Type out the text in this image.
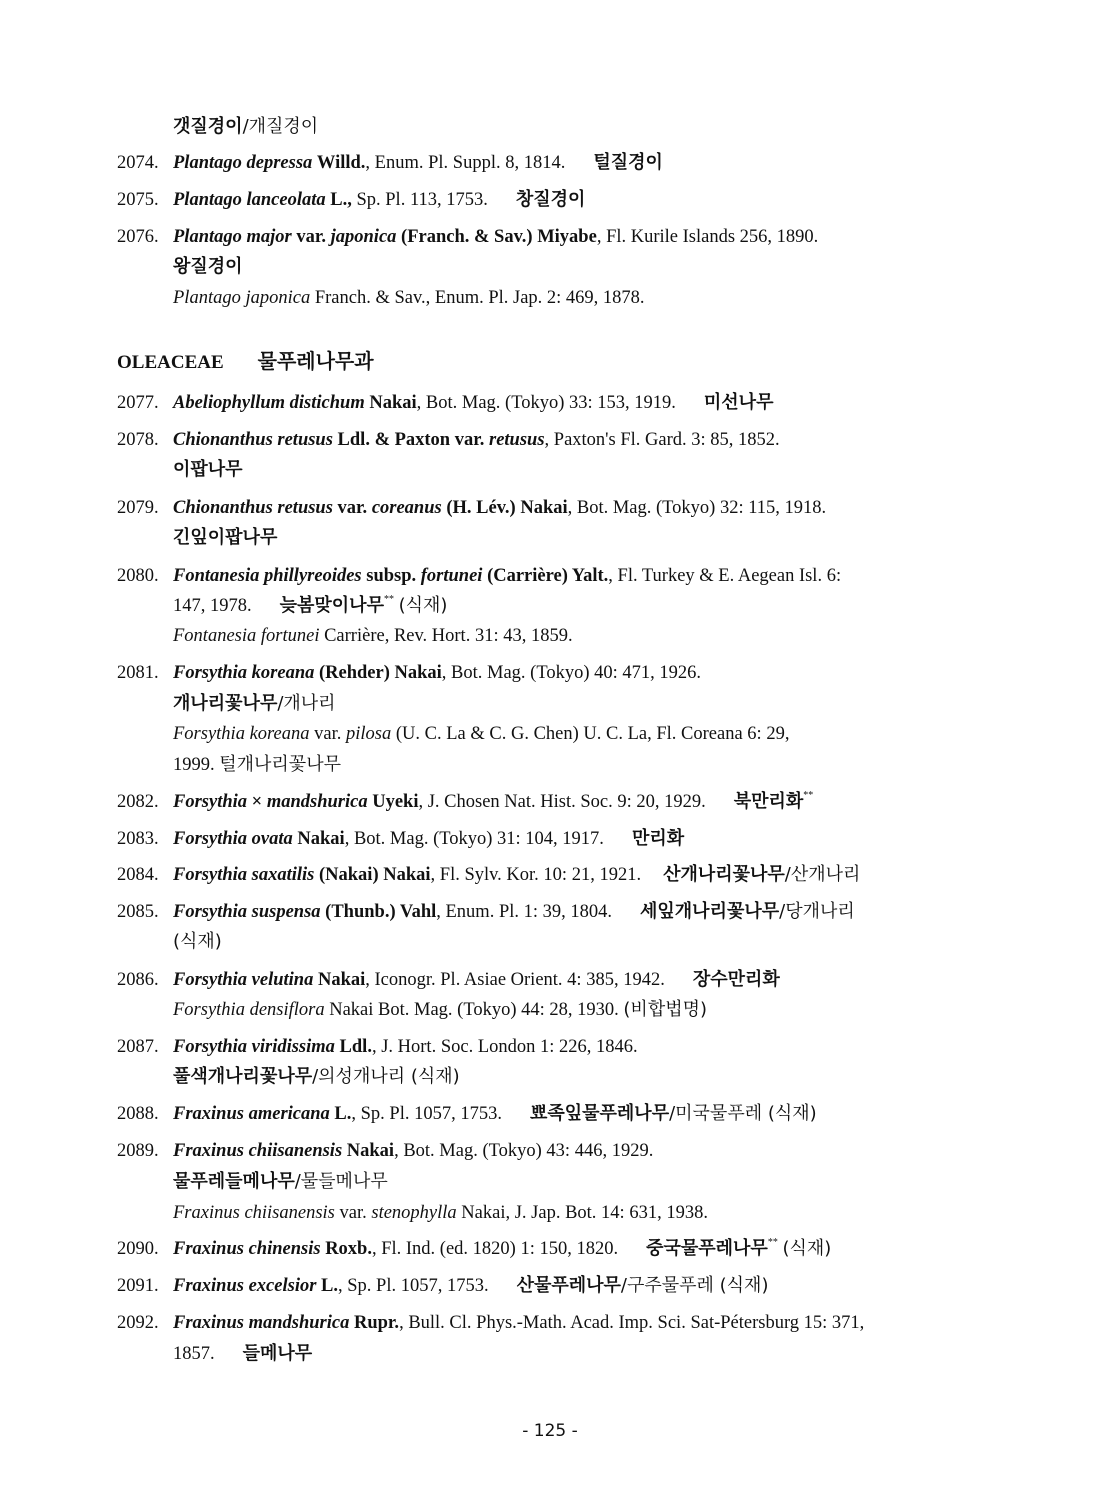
갯질경이/개질경이
2074. Plantago depressa Willd., Enum. Pl. Suppl. 8, 1814. 털질경이
2075. Plantago lanceolata L., Sp. Pl. 113, 1753. 창질경이
2076. Plantago major var. japonica (Franch. & Sav.) Miyabe, Fl. Kurile Islands 256, 1890.
왕질경이
Plantago japonica Franch. & Sav., Enum. Pl. Jap. 2: 469, 1878.
OLEACEAE 물푸레나무과
2077. Abeliophyllum distichum Nakai, Bot. Mag. (Tokyo) 33: 153, 1919. 미선나무
2078. Chionanthus retusus Ldl. & Paxton var. retusus, Paxton's Fl. Gard. 3: 85, 1852.
이팝나무
2079. Chionanthus retusus var. coreanus (H. Lév.) Nakai, Bot. Mag. (Tokyo) 32: 115, 1918.
긴잎이팝나무
2080. Fontanesia phillyreoides subsp. fortunei (Carrière) Yalt., Fl. Turkey & E. Aegean Isl. 6:
147, 1978. 늦봄맞이나무** (식재)
Fontanesia fortunei Carrière, Rev. Hort. 31: 43, 1859.
2081. Forsythia koreana (Rehder) Nakai, Bot. Mag. (Tokyo) 40: 471, 1926.
개나리꽃나무/개나리
Forsythia koreana var. pilosa (U. C. La & C. G. Chen) U. C. La, Fl. Coreana 6: 29,
1999. 털개나리꽃나무
2082. Forsythia × mandshurica Uyeki, J. Chosen Nat. Hist. Soc. 9: 20, 1929. 북만리화**
2083. Forsythia ovata Nakai, Bot. Mag. (Tokyo) 31: 104, 1917. 만리화
2084. Forsythia saxatilis (Nakai) Nakai, Fl. Sylv. Kor. 10: 21, 1921. 산개나리꽃나무/산개나리
2085. Forsythia suspensa (Thunb.) Vahl, Enum. Pl. 1: 39, 1804. 세잎개나리꽃나무/당개나리
(식재)
2086. Forsythia velutina Nakai, Iconogr. Pl. Asiae Orient. 4: 385, 1942. 장수만리화
Forsythia densiflora Nakai Bot. Mag. (Tokyo) 44: 28, 1930. (비합법명)
2087. Forsythia viridissima Ldl., J. Hort. Soc. London 1: 226, 1846.
풀색개나리꽃나무/의성개나리 (식재)
2088. Fraxinus americana L., Sp. Pl. 1057, 1753. 뾰족잎물푸레나무/미국물푸레 (식재)
2089. Fraxinus chiisanensis Nakai, Bot. Mag. (Tokyo) 43: 446, 1929.
물푸레들메나무/물들메나무
Fraxinus chiisanensis var. stenophylla Nakai, J. Jap. Bot. 14: 631, 1938.
2090. Fraxinus chinensis Roxb., Fl. Ind. (ed. 1820) 1: 150, 1820. 중국물푸레나무** (식재)
2091. Fraxinus excelsior L., Sp. Pl. 1057, 1753. 산물푸레나무/구주물푸레 (식재)
2092. Fraxinus mandshurica Rupr., Bull. Cl. Phys.-Math. Acad. Imp. Sci. Sat-Pétersburg 15: 371,
1857. 들메나무
- 125 -
